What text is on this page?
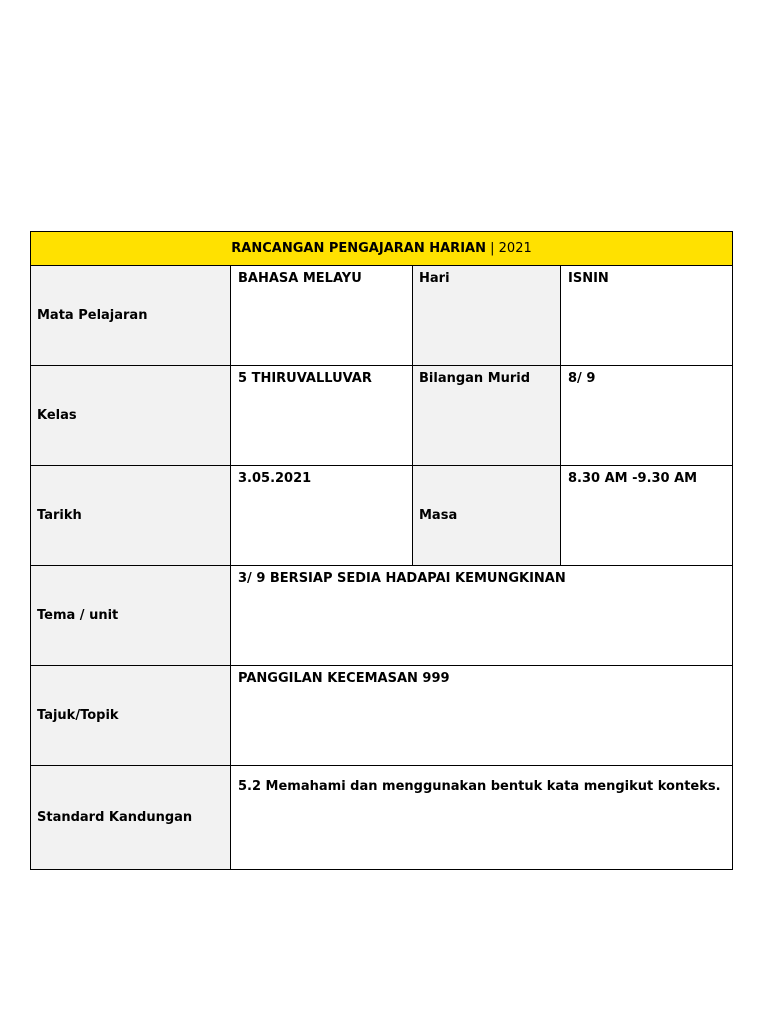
RANCANGAN PENGAJARAN HARIAN | 2021			
Mata Pelajaran	BAHASA MELAYU	Hari	ISNIN
Kelas	5 THIRUVALLUVAR	Bilangan Murid	8/ 9
Tarikh	3.05.2021	Masa	8.30 AM -9.30 AM
Tema / unit	3/ 9 BERSIAP SEDIA HADAPAI KEMUNGKINAN		
Tajuk/Topik	PANGGILAN KECEMASAN 999		
Standard Kandungan	5.2 Memahami dan menggunakan bentuk kata mengikut konteks.		
